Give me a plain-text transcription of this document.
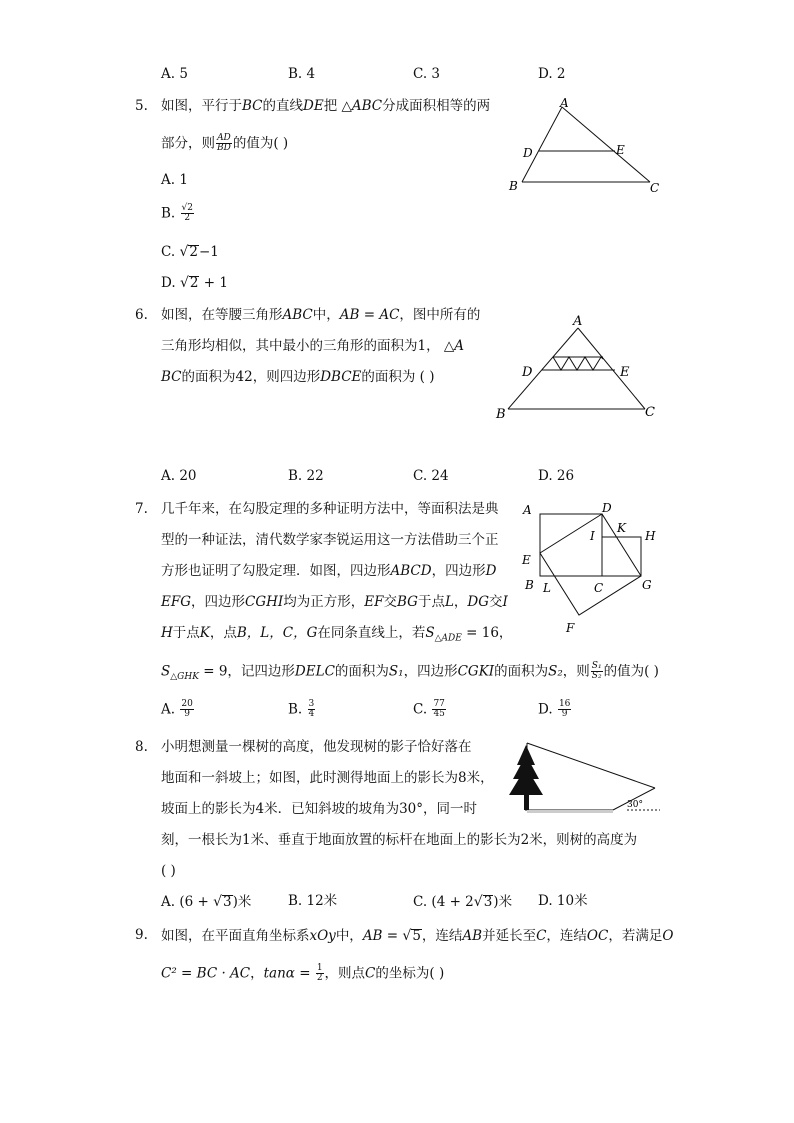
A. 5	B. 4	C. 3	D. 2
5. 如图，平行于BC的直线DE把 △ABC分成面积相等的两
部分，则 $\frac{AD}{BD}$ 的值为( )
A. 1
B. $\frac{√2}{2}$
C. √2−1
D. √2 + 1
A
D	E
B	C
6. 如图，在等腰三角形ABC中，AB = AC，图中所有的
三角形均相似，其中最小的三角形的面积为1， △A
BC的面积为42，则四边形DBCE的面积为 ( )
A
D	E
B	C
A. 20	B. 22	C. 24	D. 26
7. 几千年来，在勾股定理的多种证明方法中，等面积法是典
型的一种证法，清代数学家李锐运用这一方法借助三个正
方形也证明了勾股定理．如图，四边形ABCD，四边形D
EFG，四边形CGHI均为正方形，EF交BG于点L，DG交I
H于点K，点B，L，C，G在同条直线上，若$S_{\triangle ADE} = 16$，
$S_{\triangle GHK} = 9$，记四边形DELC的面积为S₁，四边形CGKI的面积为S₂，则 $\frac{\text{S₁}}{\text{S₂}}$ 的值为( )
A	D
I
K
H
E
B L	C	G
F
A. $\frac{20}{9}$	B. $\frac{3}{4}$	C. $\frac{77}{45}$	D. $\frac{16}{9}$
8. 小明想测量一棵树的高度，他发现树的影子恰好落在
地面和一斜坡上；如图，此时测得地面上的影长为8米，
坡面上的影长为4米．已知斜坡的坡角为30°，同一时
刻，一根长为1米、垂直于地面放置的标杆在地面上的影长为2米，则树的高度为
( )
30°
A. (6 + √3)米	B. 12米	C. (4 + 2√3)米 D. 10米
9. 如图，在平面直角坐标系xOy中，AB = √5，连结AB并延长至C，连结OC，若满足O
C² = BC · AC，$\tan\alpha = \frac{1}{2}$ ，则点C的坐标为( )
